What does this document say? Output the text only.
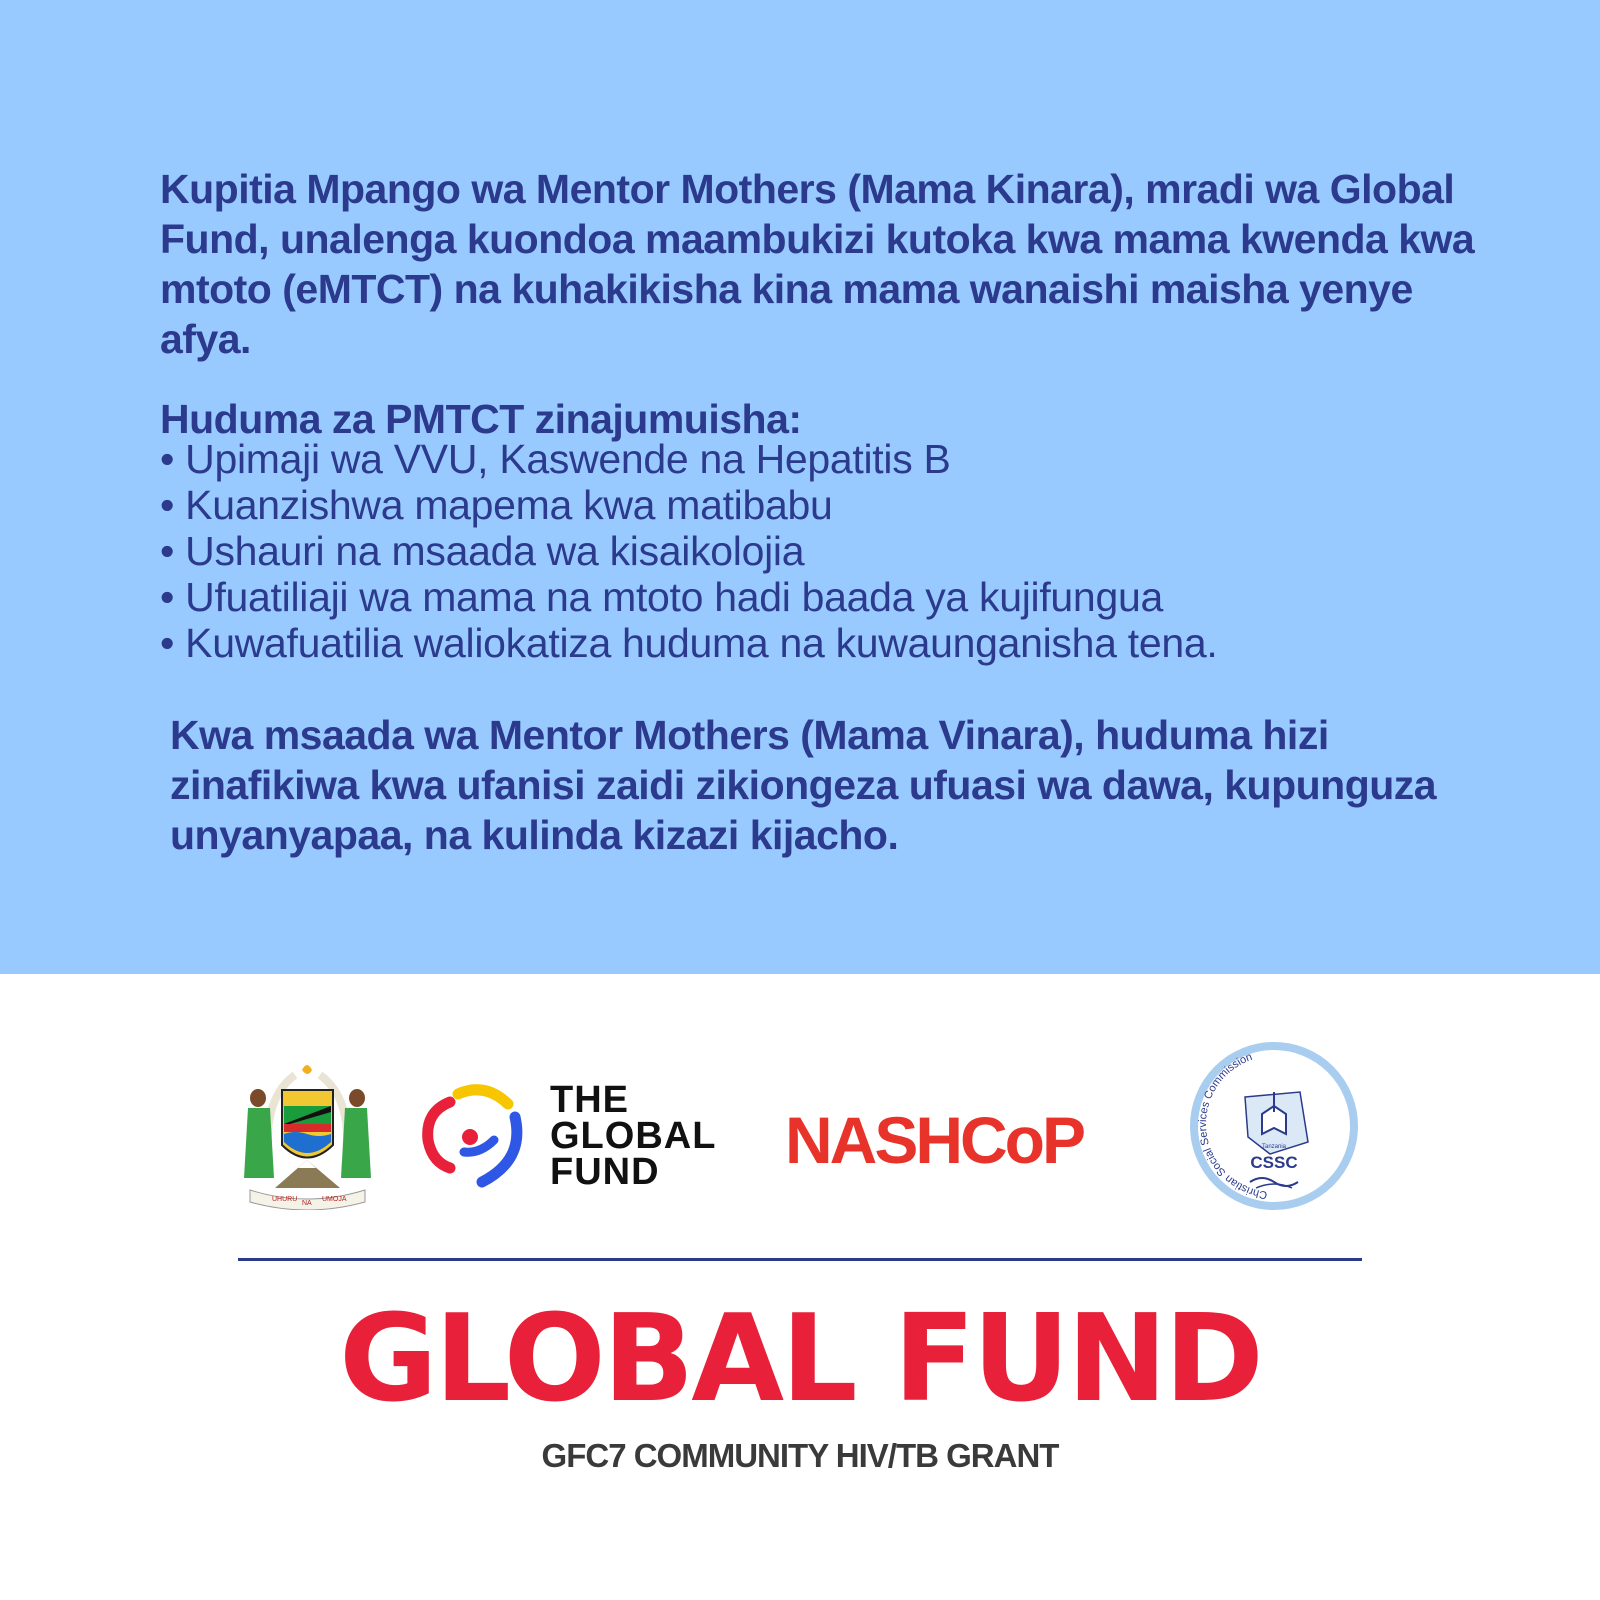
Kupitia Mpango wa Mentor Mothers (Mama Kinara), mradi wa Global Fund, unalenga kuondoa maambukizi kutoka kwa mama kwenda kwa mtoto (eMTCT) na kuhakikisha kina mama wanaishi maisha yenye afya.

Huduma za PMTCT zinajumuisha:

• Upimaji wa VVU, Kaswende na Hepatitis B
• Kuanzishwa mapema kwa matibabu
• Ushauri na msaada wa kisaikolojia
• Ufuatiliaji wa mama na mtoto hadi baada ya kujifungua
• Kuwafuatilia waliokatiza huduma na kuwaunganisha tena.

Kwa msaada wa Mentor Mothers (Mama Vinara), huduma hizi zinafikiwa kwa ufanisi zaidi zikiongeza ufuasi wa dawa, kupunguza unyanyapaa, na kulinda kizazi kijacho.

UHURU
NA
UMOJA

THE
GLOBAL
FUND	NASHCoP
Christian Social Services Commission
Tanzania
CSSC
GLOBAL FUND
GFC7 COMMUNITY HIV/TB GRANT
